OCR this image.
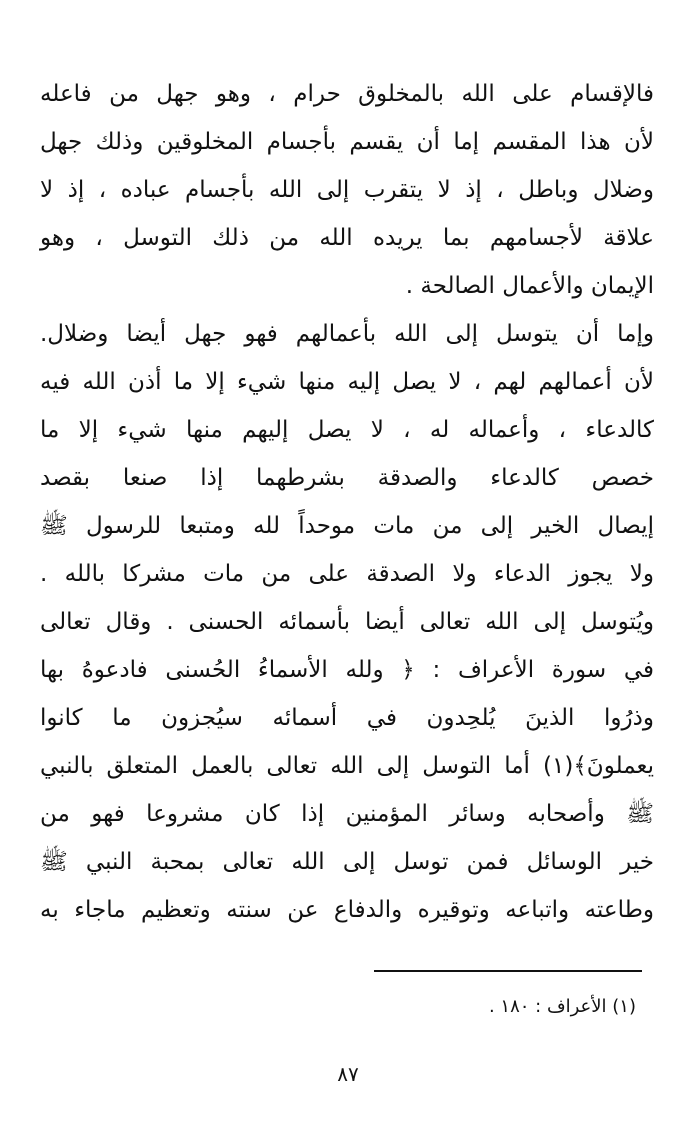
فالإقسام على الله بالمخلوق حرام ، وهو جهل من فاعله
لأن هذا المقسم إما أن يقسم بأجسام المخلوقين وذلك جهل
وضلال وباطل ، إذ لا يتقرب إلى الله بأجسام عباده ، إذ لا
علاقة لأجسامهم بما يريده الله من ذلك التوسل ، وهو
الإيمان والأعمال الصالحة .
وإما أن يتوسل إلى الله بأعمالهم فهو جهل أيضا وضلال.
لأن أعمالهم لهم ، لا يصل إليه منها شيء إلا ما أذن الله فيه
كالدعاء ، وأعماله له ، لا يصل إليهم منها شيء إلا ما
خصص كالدعاء والصدقة بشرطهما إذا صنعا بقصد
إيصال الخير إلى من مات موحداً لله ومتبعا للرسول ﷺ
ولا يجوز الدعاء ولا الصدقة على من مات مشركا بالله .
ويُتوسل إلى الله تعالى أيضا بأسمائه الحسنى . وقال تعالى
في سورة الأعراف : ﴿ ولله الأسماءُ الحُسنى فادعوهُ بها
وذرُوا الذينَ يُلحِدون في أسمائه سيُجزون ما كانوا
يعملونَ﴾(١) أما التوسل إلى الله تعالى بالعمل المتعلق بالنبي
ﷺ وأصحابه وسائر المؤمنين إذا كان مشروعا فهو من
خير الوسائل فمن توسل إلى الله تعالى بمحبة النبي ﷺ
وطاعته واتباعه وتوقيره والدفاع عن سنته وتعظيم ماجاء به
(١) الأعراف : ١٨٠ .
٨٧
